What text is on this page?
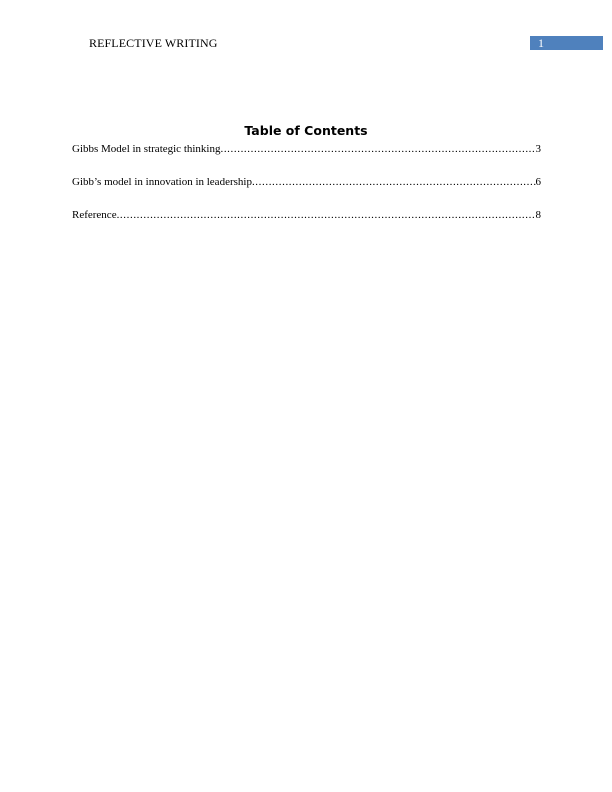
REFLECTIVE WRITING	1
Table of Contents
Gibbs Model in strategic thinking .....	3
Gibb’s model in innovation in leadership .....	6
Reference .....	8
